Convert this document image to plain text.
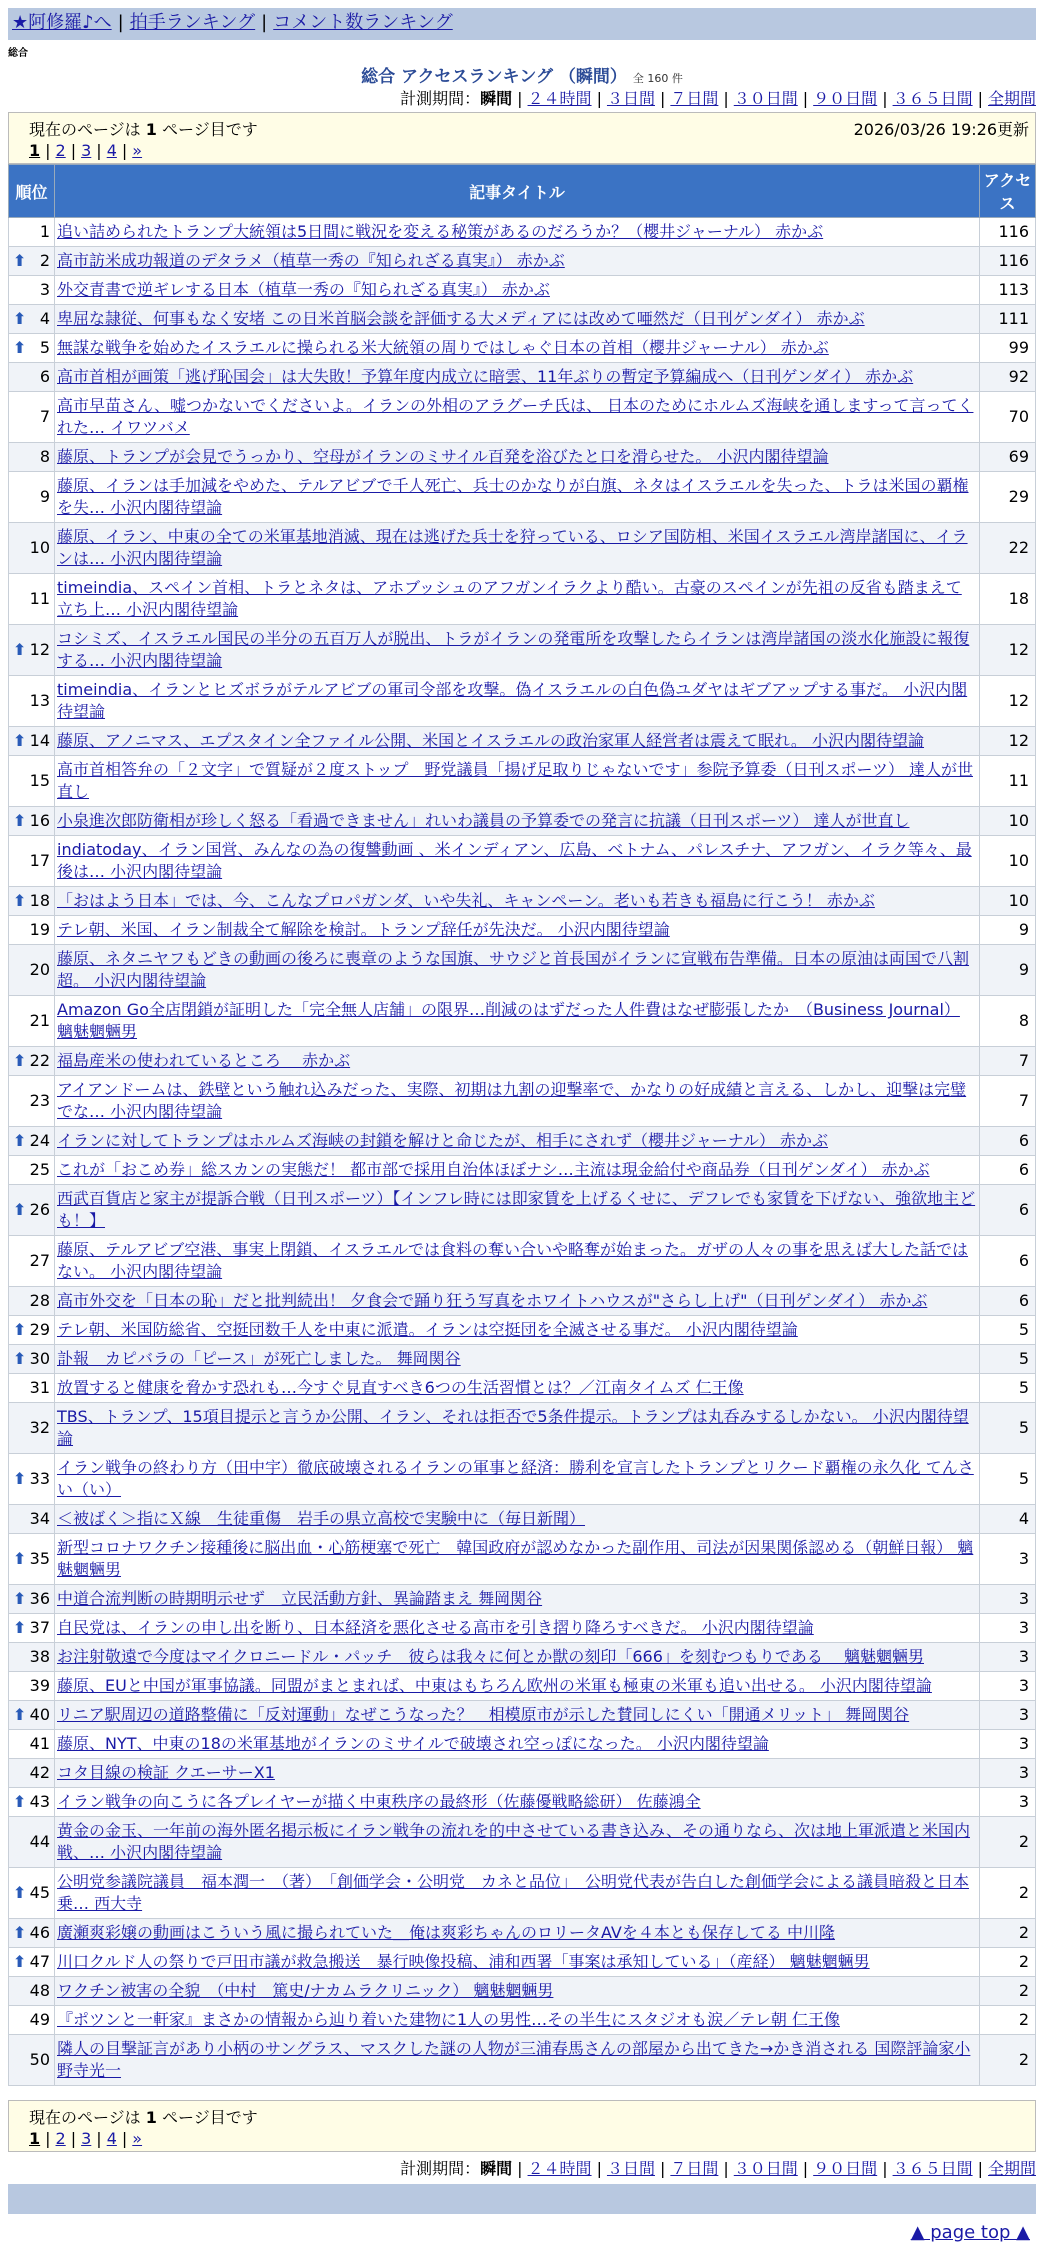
★阿修羅♪へ | 拍手ランキング | コメント数ランキング
総合
総合 アクセスランキング （瞬間） 全 160 件
計測期間：瞬間 | ２４時間 | ３日間 | ７日間 | ３０日間 | ９０日間 | ３６５日間 | 全期間
現在のページは 1 ページ目です	2026/03/26 19:26更新
1 | 2 | 3 | 4 | »
順位	記事タイトル	アクセス
1	追い詰められたトランプ大統領は5日間に戦況を変える秘策があるのだろうか？（櫻井ジャーナル） 赤かぶ	116

⬆ 2	高市訪米成功報道のデタラメ（植草一秀の『知られざる真実』） 赤かぶ	116
3	外交青書で逆ギレする日本（植草一秀の『知られざる真実』） 赤かぶ	113

⬆ 4	卑屈な隷従、何事もなく安堵 この日米首脳会談を評価する大メディアには改めて唖然だ（日刊ゲンダイ） 赤かぶ	111

⬆ 5	無謀な戦争を始めたイスラエルに操られる米大統領の周りではしゃぐ日本の首相（櫻井ジャーナル） 赤かぶ	99
6	高市首相が画策「逃げ恥国会」は大失敗！予算年度内成立に暗雲、11年ぶりの暫定予算編成へ（日刊ゲンダイ） 赤かぶ	92
7	高市早苗さん、嘘つかないでくださいよ。イランの外相のアラグーチ氏は、 日本のためにホルムズ海峡を通しますって言ってくれた… イワツバメ	70
8	藤原、トランプが会見でうっかり、空母がイランのミサイル百発を浴びたと口を滑らせた。 小沢内閣待望論	69
9	藤原、イランは手加減をやめた、テルアビブで千人死亡、兵士のかなりが白旗、ネタはイスラエルを失った、トラは米国の覇権を失… 小沢内閣待望論	29
10	藤原、イラン、中東の全ての米軍基地消滅、現在は逃げた兵士を狩っている、ロシア国防相、米国イスラエル湾岸諸国に、イランは… 小沢内閣待望論	22
11	timeindia、スペイン首相、トラとネタは、アホブッシュのアフガンイラクより酷い。古豪のスペインが先祖の反省も踏まえて立ち上… 小沢内閣待望論	18

⬆ 12	コシミズ、イスラエル国民の半分の五百万人が脱出、トラがイランの発電所を攻撃したらイランは湾岸諸国の淡水化施設に報復する… 小沢内閣待望論	12
13	timeindia、イランとヒズボラがテルアビブの軍司令部を攻撃。偽イスラエルの白色偽ユダヤはギブアップする事だ。 小沢内閣待望論	12

⬆ 14	藤原、アノニマス、エプスタイン全ファイル公開、米国とイスラエルの政治家軍人経営者は震えて眠れ。 小沢内閣待望論	12
15	高市首相答弁の「２文字」で質疑が２度ストップ　野党議員「揚げ足取りじゃないです」参院予算委（日刊スポーツ） 達人が世直し	11

⬆ 16	小泉進次郎防衛相が珍しく怒る「看過できません」れいわ議員の予算委での発言に抗議（日刊スポーツ） 達人が世直し	10
17	indiatoday、イラン国営、みんなの為の復讐動画 、米インディアン、広島、ベトナム、パレスチナ、アフガン、イラク等々、最後は… 小沢内閣待望論	10

⬆ 18	「おはよう日本」では、今、こんなプロパガンダ、いや失礼、キャンペーン。老いも若きも福島に行こう！ 赤かぶ	10
19	テレ朝、米国、イラン制裁全て解除を検討。トランプ辞任が先決だ。 小沢内閣待望論	9
20	藤原、ネタニヤフもどきの動画の後ろに喪章のような国旗、サウジと首長国がイランに宣戦布告準備。日本の原油は両国で八割超。 小沢内閣待望論	9
21	Amazon Go全店閉鎖が証明した「完全無人店舗」の限界…削減のはずだった人件費はなぜ膨張したか　（Business Journal） 魑魅魍魎男	8

⬆ 22	福島産米の使われているところ　 赤かぶ	7
23	アイアンドームは、鉄壁という触れ込みだった、実際、初期は九割の迎撃率で、かなりの好成績と言える、しかし、迎撃は完璧でな… 小沢内閣待望論	7

⬆ 24	イランに対してトランプはホルムズ海峡の封鎖を解けと命じたが、相手にされず（櫻井ジャーナル） 赤かぶ	6
25	これが「おこめ券」総スカンの実態だ！ 都市部で採用自治体ほぼナシ…主流は現金給付や商品券（日刊ゲンダイ） 赤かぶ	6

⬆ 26	西武百貨店と家主が提訴合戦（日刊スポーツ）【インフレ時には即家賃を上げるくせに、デフレでも家賃を下げない、強欲地主ども！】	6
27	藤原、テルアビブ空港、事実上閉鎖、イスラエルでは食料の奪い合いや略奪が始まった。ガザの人々の事を思えば大した話ではない。 小沢内閣待望論	6
28	高市外交を「日本の恥」だと批判続出！ 夕食会で踊り狂う写真をホワイトハウスが"さらし上げ"（日刊ゲンダイ） 赤かぶ	6

⬆ 29	テレ朝、米国防総省、空挺団数千人を中東に派遣。イランは空挺団を全滅させる事だ。 小沢内閣待望論	5

⬆ 30	訃報　カピバラの「ピース」が死亡しました。 舞岡関谷	5
31	放置すると健康を脅かす恐れも…今すぐ見直すべき6つの生活習慣とは？／江南タイムズ 仁王像	5
32	TBS、トランプ、15項目提示と言うか公開、イラン、それは拒否で5条件提示。トランプは丸呑みするしかない。 小沢内閣待望論	5

⬆ 33	イラン戦争の終わり方（田中宇）徹底破壊されるイランの軍事と経済：勝利を宣言したトランプとリクード覇権の永久化 てんさい（い）	5
34	＜被ばく＞指にＸ線　生徒重傷　岩手の県立高校で実験中に（毎日新聞）	4

⬆ 35	新型コロナワクチン接種後に脳出血・心筋梗塞で死亡　韓国政府が認めなかった副作用、司法が因果関係認める（朝鮮日報） 魑魅魍魎男	3

⬆ 36	中道合流判断の時期明示せず　立民活動方針、異論踏まえ 舞岡関谷	3

⬆ 37	自民党は、イランの申し出を断り、日本経済を悪化させる高市を引き摺り降ろすべきだ。 小沢内閣待望論	3
38	お注射敬遠で今度はマイクロニードル・パッチ　彼らは我々に何とか獣の刻印「666」を刻むつもりである　 魑魅魍魎男	3
39	藤原、EUと中国が軍事協議。同盟がまとまれば、中東はもちろん欧州の米軍も極東の米軍も追い出せる。 小沢内閣待望論	3

⬆ 40	リニア駅周辺の道路整備に「反対運動」なぜこうなった？　相模原市が示した賛同しにくい「開通メリット」 舞岡関谷	3
41	藤原、NYT、中東の18の米軍基地がイランのミサイルで破壊され空っぽになった。 小沢内閣待望論	3
42	コタ目線の検証 クエーサーX1	3

⬆ 43	イラン戦争の向こうに各プレイヤーが描く中東秩序の最終形（佐藤優戦略総研） 佐藤鴻全	3
44	黄金の金玉、一年前の海外匿名掲示板にイラン戦争の流れを的中させている書き込み、その通りなら、次は地上軍派遣と米国内戦、… 小沢内閣待望論	2

⬆ 45	公明党参議院議員　福本潤一　（著）　「創価学会・公明党　カネと品位」　公明党代表が告白した創価学会による議員暗殺と日本乗… 西大寺	2

⬆ 46	廣瀬爽彩嬢の動画はこういう風に撮られていた＿俺は爽彩ちゃんのロリータAVを４本とも保存してる 中川隆	2

⬆ 47	川口クルド人の祭りで戸田市議が救急搬送　暴行映像投稿、浦和西署「事案は承知している」（産経） 魑魅魍魎男	2
48	ワクチン被害の全貌　（中村　篤史/ナカムラクリニック） 魑魅魍魎男	2
49	『ポツンと一軒家』まさかの情報から辿り着いた建物に1人の男性…その半生にスタジオも涙／テレ朝 仁王像	2
50	隣人の目撃証言があり小柄のサングラス、マスクした謎の人物が三浦春馬さんの部屋から出てきた→かき消される 国際評論家小野寺光一	2
現在のページは 1 ページ目です
1 | 2 | 3 | 4 | »
計測期間：瞬間 | ２４時間 | ３日間 | ７日間 | ３０日間 | ９０日間 | ３６５日間 | 全期間
▲ page top ▲
